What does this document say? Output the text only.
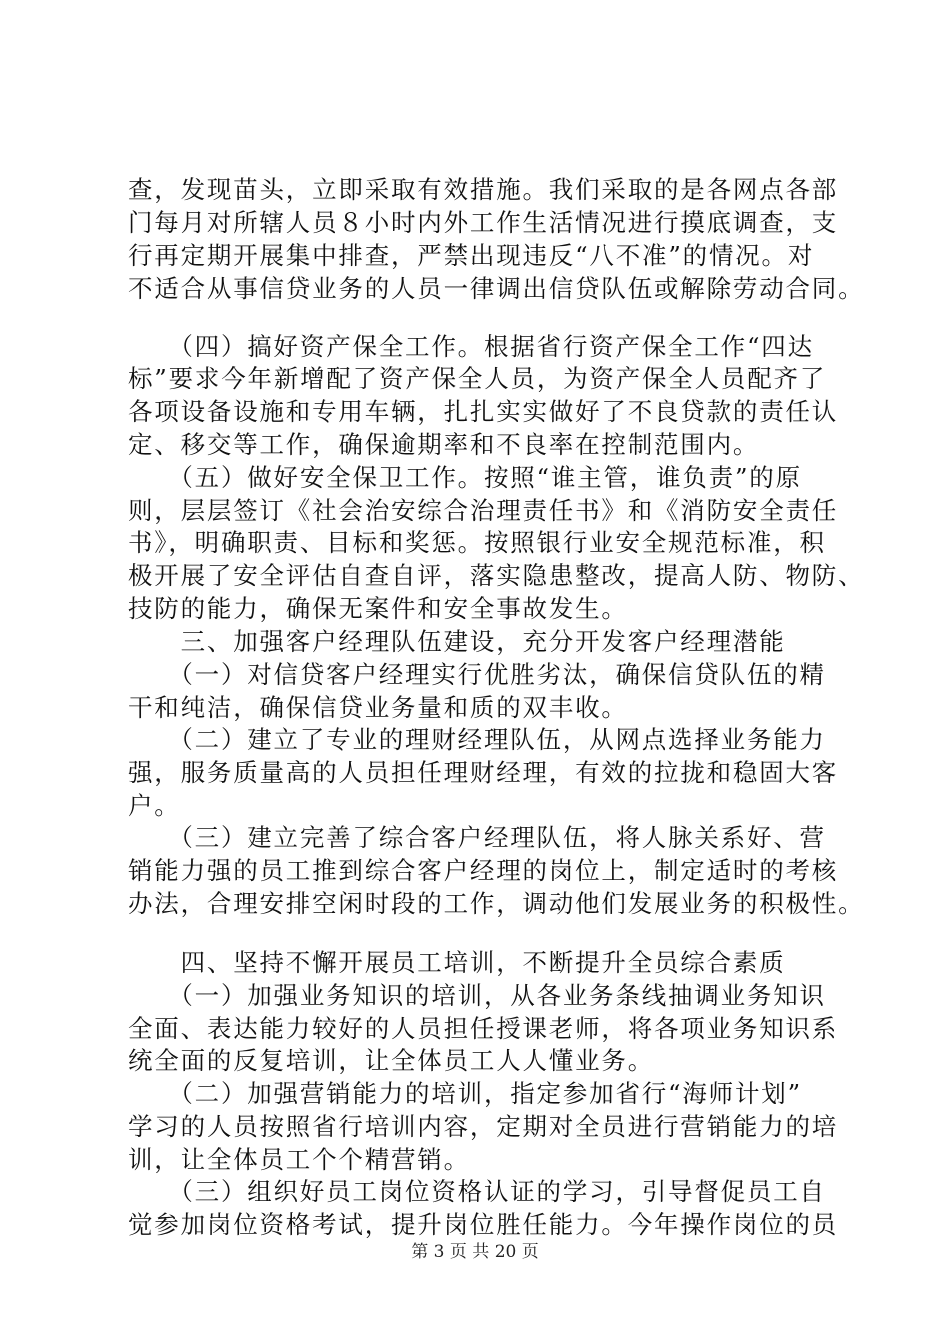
查，发现苗头，立即采取有效措施。我们采取的是各网点各部
门每月对所辖人员８小时内外工作生活情况进行摸底调查，支
行再定期开展集中排查，严禁出现违反“八不准”的情况。对
不适合从事信贷业务的人员一律调出信贷队伍或解除劳动合同。
　　（四）搞好资产保全工作。根据省行资产保全工作“四达
标”要求今年新增配了资产保全人员，为资产保全人员配齐了
各项设备设施和专用车辆，扎扎实实做好了不良贷款的责任认
定、移交等工作，确保逾期率和不良率在控制范围内。
　　（五）做好安全保卫工作。按照“谁主管，谁负责”的原
则，层层签订《社会治安综合治理责任书》和《消防安全责任
书》，明确职责、目标和奖惩。按照银行业安全规范标准，积
极开展了安全评估自查自评，落实隐患整改，提高人防、物防、
技防的能力，确保无案件和安全事故发生。
　　三、加强客户经理队伍建设，充分开发客户经理潜能
　　（一）对信贷客户经理实行优胜劣汰，确保信贷队伍的精
干和纯洁，确保信贷业务量和质的双丰收。
　　（二）建立了专业的理财经理队伍，从网点选择业务能力
强，服务质量高的人员担任理财经理，有效的拉拢和稳固大客
户。
　　（三）建立完善了综合客户经理队伍，将人脉关系好、营
销能力强的员工推到综合客户经理的岗位上，制定适时的考核
办法，合理安排空闲时段的工作，调动他们发展业务的积极性。
　　四、坚持不懈开展员工培训，不断提升全员综合素质
　　（一）加强业务知识的培训，从各业务条线抽调业务知识
全面、表达能力较好的人员担任授课老师，将各项业务知识系
统全面的反复培训，让全体员工人人懂业务。
　　（二）加强营销能力的培训，指定参加省行“海师计划”
学习的人员按照省行培训内容，定期对全员进行营销能力的培
训，让全体员工个个精营销。
　　（三）组织好员工岗位资格认证的学习，引导督促员工自
觉参加岗位资格考试，提升岗位胜任能力。今年操作岗位的员
第 3 页 共 20 页
